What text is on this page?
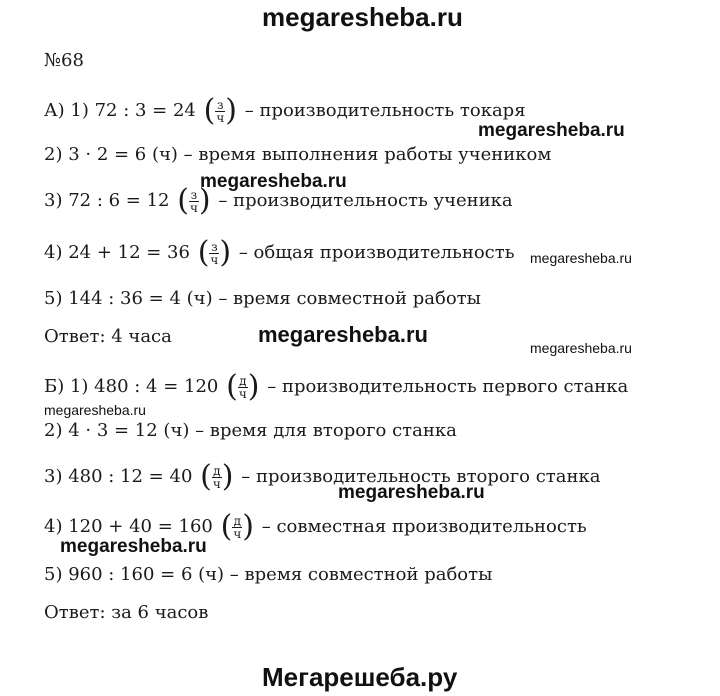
megaresheba.ru
№68
А) 1) 72 : 3 = 24 ( $\frac{з}{ч}$ ) – производительность токаря
megaresheba.ru
2) 3 · 2 = 6 (ч) – время выполнения работы учеником
megaresheba.ru
3) 72 : 6 = 12 ( $\frac{з}{ч}$ ) – производительность ученика
4) 24 + 12 = 36 ( $\frac{з}{ч}$ ) – общая производительность megaresheba.ru
5) 144 : 36 = 4 (ч) – время совместной работы
Ответ: 4 часа	megaresheba.ru
megaresheba.ru
Б) 1) 480 : 4 = 120 ( $\frac{д}{ч}$ ) – производительность первого станка
megaresheba.ru
2) 4 · 3 = 12 (ч) – время для второго станка
3) 480 : 12 = 40 ( $\frac{д}{ч}$ ) – производительность второго станка
megaresheba.ru
4) 120 + 40 = 160 ( $\frac{д}{ч}$ ) – совместная производительность
megaresheba.ru
5) 960 : 160 = 6 (ч) – время совместной работы
Ответ: за 6 часов
Мегарешеба.ру
